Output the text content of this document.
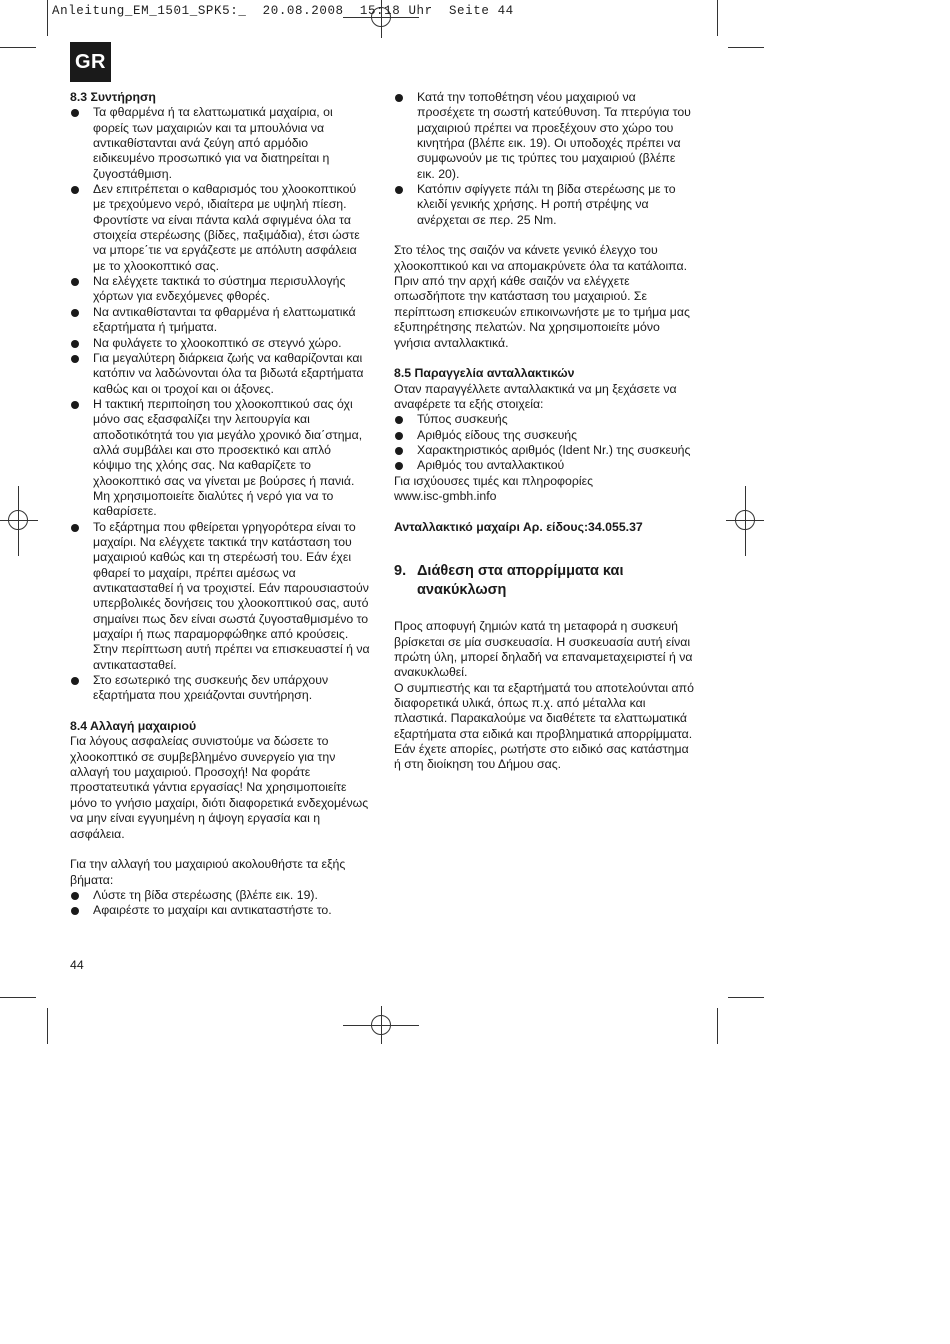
Anleitung_EM_1501_SPK5:_  20.08.2008  15:18 Uhr  Seite 44
GR
8.3 Συντήρηση
Τα φθαρμένα ή τα ελαττωματικά μαχαίρια, οι φορείς των μαχαιριών και τα μπουλόνια να αντικαθίστανται ανά ζεύγη από αρμόδιο ειδικευμένο προσωπικό για να διατηρείται η ζυγοστάθμιση.
Δεν επιτρέπεται ο καθαρισμός του χλοοκοπτικού με τρεχούμενο νερό, ιδιαίτερα με υψηλή πίεση. Φροντίστε να είναι πάντα καλά σφιγμένα όλα τα στοιχεία στερέωσης (βίδες, παξιμάδια), έτσι ώστε να μπορε΄τιε να εργάζεστε με απόλυτη ασφάλεια με το χλοοκοπτικό σας.
Να ελέγχετε τακτικά το σύστημα περισυλλογής χόρτων για ενδεχόμενες φθορές.
Να αντικαθίστανται τα φθαρμένα ή ελαττωματικά εξαρτήματα ή τμήματα.
Να φυλάγετε το χλοοκοπτικό σε στεγνό χώρο.
Για μεγαλύτερη διάρκεια ζωής να καθαρίζονται και κατόπιν να λαδώνονται όλα τα βιδωτά εξαρτήματα καθώς και οι τροχοί και οι άξονες.
Η τακτική περιποίηση του χλοοκοπτικού σας όχι μόνο σας εξασφαλίζει την λειτουργία και αποδοτικότητά του για μεγάλο χρονικό δια΄στημα, αλλά συμβάλει και στο προσεκτικό και απλό κόψιμο της χλόης σας. Να καθαρίζετε το χλοοκοπτικό σας να γίνεται με βούρσες ή πανιά. Μη χρησιμοποιείτε διαλύτες ή νερό για να το καθαρίσετε.
Το εξάρτημα που φθείρεται γρηγορότερα είναι το μαχαίρι. Να ελέγχετε τακτικά την κατάσταση του μαχαιριού καθώς και τη στερέωσή του. Εάν έχει φθαρεί το μαχαίρι, πρέπει αμέσως να αντικατασταθεί ή να τροχιστεί. Εάν παρουσιαστούν υπερβολικές δονήσεις του χλοοκοπτικού σας, αυτό σημαίνει πως δεν είναι σωστά ζυγοσταθμισμένο το μαχαίρι ή πως παραμορφώθηκε από κρούσεις. Στην περίπτωση αυτή πρέπει να επισκευαστεί ή να αντικατασταθεί.
Στο εσωτερικό της συσκευής δεν υπάρχουν εξαρτήματα που χρειάζονται συντήρηση.
8.4 Αλλαγή μαχαιριού

Για λόγους ασφαλείας συνιστούμε να δώσετε το χλοοκοπτικό σε συμβεβλημένο συνεργείο για την αλλαγή του μαχαιριού. Προσοχή! Να φοράτε προστατευτικά γάντια εργασίας! Να χρησιμοποιείτε μόνο το γνήσιο μαχαίρι, διότι διαφορετικά ενδεχομένως να μην είναι εγγυημένη η άψογη εργασία και η ασφάλεια.

Για την αλλαγή του μαχαιριού ακολουθήστε τα εξής βήματα:

Λύστε τη βίδα στερέωσης (βλέπε εικ. 19).
Αφαιρέστε το μαχαίρι και αντικαταστήστε το.
Κατά την τοποθέτηση νέου μαχαιριού να προσέχετε τη σωστή κατεύθυνση. Τα πτερύγια του μαχαιριού πρέπει να προεξέχουν στο χώρο του κινητήρα (βλέπε εικ. 19). Οι υποδοχές πρέπει να συμφωνούν με τις τρύπες του μαχαιριού (βλέπε εικ. 20).
Κατόπιν σφίγγετε πάλι τη βίδα στερέωσης με το κλειδί γενικής χρήσης. Η ροπή στρέψης να ανέρχεται σε περ. 25 Nm.

Στο τέλος της σαιζόν να κάνετε γενικό έλεγχο του χλοοκοπτικού και να απομακρύνετε όλα τα κατάλοιπα. Πριν από την αρχή κάθε σαιζόν να ελέγχετε οπωσδήποτε την κατάσταση του μαχαιριού. Σε περίπτωση επισκευών επικοινωνήστε με το τμήμα μας εξυπηρέτησης πελατών. Να χρησιμοποιείτε μόνο γνήσια ανταλλακτικά.

8.5 Παραγγελία ανταλλακτικών

Οταν παραγγέλλετε ανταλλακτικά να μη ξεχάσετε να αναφέρετε τα εξής στοιχεία:

Τύπος συσκευής
Αριθμός είδους της συσκευής
Χαρακτηριστικός αριθμός (Ident Nr.) της συσκευής
Αριθμός του ανταλλακτικού

Για ισχύουσες τιμές και πληροφορίες

www.isc-gmbh.info

Ανταλλακτικό μαχαίρι Αρ. είδους:34.055.37

9. Διάθεση στα απορρίμματα και ανακύκλωση

Προς αποφυγή ζημιών κατά τη μεταφορά η συσκευή βρίσκεται σε μία συσκευασία. Η συσκευασία αυτή είναι πρώτη ύλη, μπορεί δηλαδή να επαναμεταχειριστεί ή να ανακυκλωθεί.

Ο συμπιεστής και τα εξαρτήματά του αποτελούνται από διαφορετικά υλικά, όπως π.χ. από μέταλλα και πλαστικά. Παρακαλούμε να διαθέτετε τα ελαττωματικά εξαρτήματα στα ειδικά και προβληματικά απορρίμματα. Εάν έχετε απορίες, ρωτήστε στο ειδικό σας κατάστημα ή στη διοίκηση του Δήμου σας.

44
